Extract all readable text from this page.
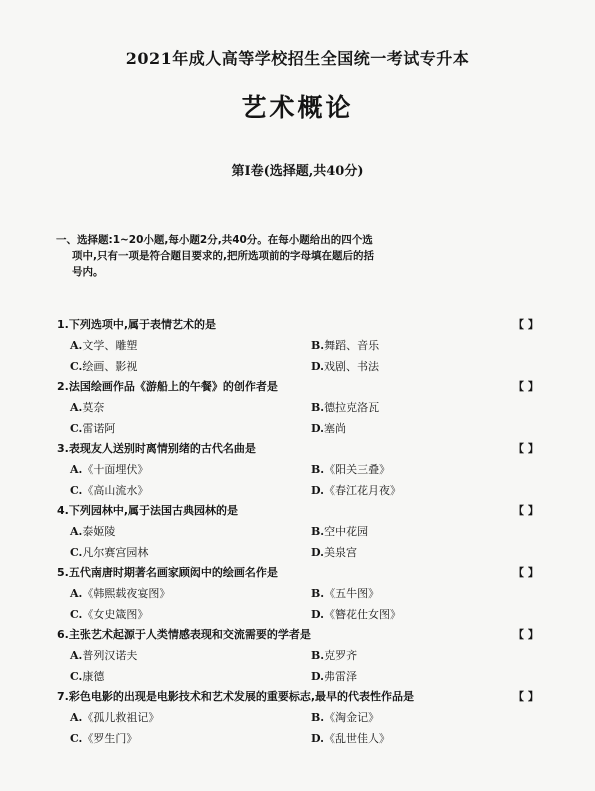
2021年成人高等学校招生全国统一考试专升本
艺术概论
第Ⅰ卷(选择题,共40分)
一、选择题:1~20小题,每小题2分,共40分。在每小题给出的四个选
项中,只有一项是符合题目要求的,把所选项前的字母填在题后的括
号内。
1.下列选项中,属于表情艺术的是	【 】
A.文学、雕塑	B.舞蹈、音乐
C.绘画、影视	D.戏剧、书法
2.法国绘画作品《游船上的午餐》的创作者是	【 】
A.莫奈	B.德拉克洛瓦
C.雷诺阿	D.塞尚
3.表现友人送别时离情别绪的古代名曲是	【 】
A.《十面埋伏》	B.《阳关三叠》
C.《高山流水》	D.《春江花月夜》
4.下列园林中,属于法国古典园林的是	【 】
A.泰姬陵	B.空中花园
C.凡尔赛宫园林	D.美泉宫
5.五代南唐时期著名画家顾闳中的绘画名作是	【 】
A.《韩熙载夜宴图》	B.《五牛图》
C.《女史箴图》	D.《簪花仕女图》
6.主张艺术起源于人类情感表现和交流需要的学者是	【 】
A.普列汉诺夫	B.克罗齐
C.康德	D.弗雷泽
7.彩色电影的出现是电影技术和艺术发展的重要标志,最早的代表性作品是	【 】
A.《孤儿救祖记》	B.《淘金记》
C.《罗生门》	D.《乱世佳人》
